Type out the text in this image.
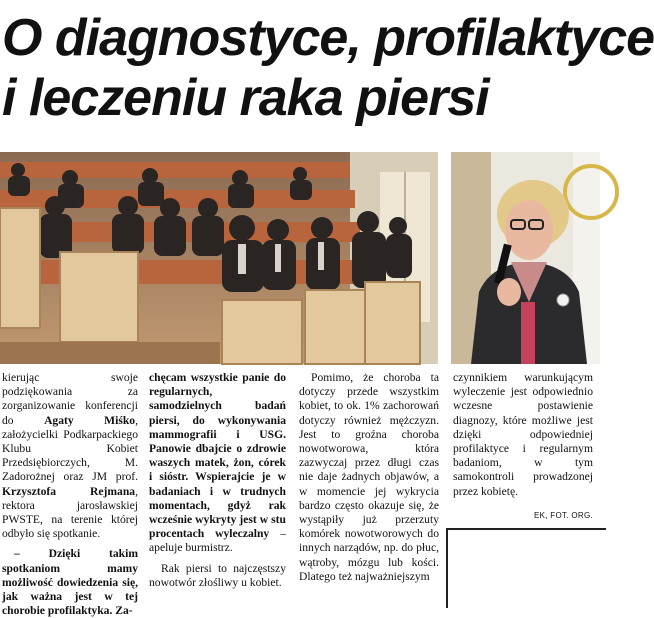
O diagnostyce, profilaktyce
i leczeniu raka piersi

kierując swoje podziękowania za zorganizowanie konferencji do Agaty Miśko, założycielki Podkarpackiego Klubu Kobiet Przedsiębiorczych, M. Zadorożnej oraz JM prof. Krzysztofa Rejmana, rektora jarosławskiej PWSTE, na terenie której odbyło się spotkanie.

– Dzięki takim spotkaniom mamy możliwość dowiedzenia się, jak ważna jest w tej chorobie profilaktyka. Za-

chęcam wszystkie panie do regularnych, samodzielnych badań piersi, do wykonywania mammografii i USG. Panowie dbajcie o zdrowie waszych matek, żon, córek i sióstr. Wspierajcie je w badaniach i w trudnych momentach, gdyż rak wcześnie wykryty jest w stu procentach wyleczalny – apeluje burmistrz.

Rak piersi to najczęstszy nowotwór złośliwy u kobiet.

Pomimo, że choroba ta dotyczy przede wszystkim kobiet, to ok. 1% zachorowań dotyczy również mężczyzn. Jest to groźna choroba nowotworowa, która zazwyczaj przez długi czas nie daje żadnych objawów, a w momencie jej wykrycia bardzo często okazuje się, że wystąpiły już przerzuty komórek nowotworowych do innych narządów, np. do płuc, wątroby, mózgu lub kości. Dlatego też najważniejszym

czynnikiem warunkującym wyleczenie jest odpowiednio wczesne postawienie diagnozy, które możliwe jest dzięki odpowiedniej profilaktyce i regularnym badaniom, w tym samokontroli prowadzonej przez kobietę.

EK, FOT. ORG.
